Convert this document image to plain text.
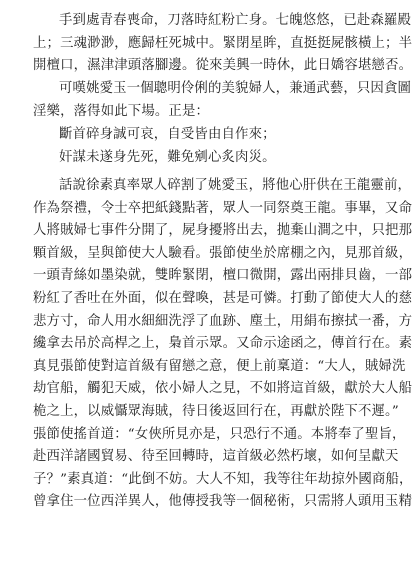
手到處青春喪命，刀落時紅粉亡身。七魄悠悠，已赴森羅殿
上；三魂渺渺，應歸枉死城中。緊閉星眸，直挺挺屍骸橫上；半
開檀口，濕津津頭落腳邊。從來美興一時休，此日嬌容堪戀否。
可嘆姚愛玉一個聰明伶俐的美貌婦人，兼通武藝，只因貪圖
淫樂，落得如此下場。正是：
斷首碎身誠可哀，自受皆由自作來；
奸謀未遂身先死，難免剜心炙肉災。
話說徐素真率眾人碎割了姚愛玉，將他心肝供在王龍靈前，
作為祭禮，令士卒把紙錢點著，眾人一同祭奠王龍。事畢，又命
人將賊婦七事件分開了，屍身擾將出去，拋棄山澗之中，只把那
顆首級，呈與節使大人驗看。張節使坐於席棚之內，見那首級，
一頭青絲如墨染就，雙眸緊閉，檀口微開，露出兩排貝齒，一部
粉紅了香吐在外面，似在聲喚，甚是可憐。打動了節使大人的慈
悲方寸，命人用水細細洗浮了血跡、塵土，用絹布擦拭一番，方
纔拿去吊於高桿之上，梟首示眾。又命示途函之，傳首行在。素
真見張節使對這首級有留戀之意，便上前稟道：“大人，賊婦洗
劫官船，觸犯天威，依小婦人之見，不如將這首級，獻於大人船
桅之上，以威懾眾海賊，待日後返回行在，再獻於陛下不遲。”
張節使搖首道：“女俠所見亦是，只恐行不通。本將奉了聖旨，
赴西洋諸國貿易、待至回轉時，這首級必然朽壞，如何呈獻天
子？”素真道：“此倒不妨。大人不知，我等往年劫掠外國商船，
曾拿住一位西洋異人，他傳授我等一個秘術，只需將人頭用玉精
